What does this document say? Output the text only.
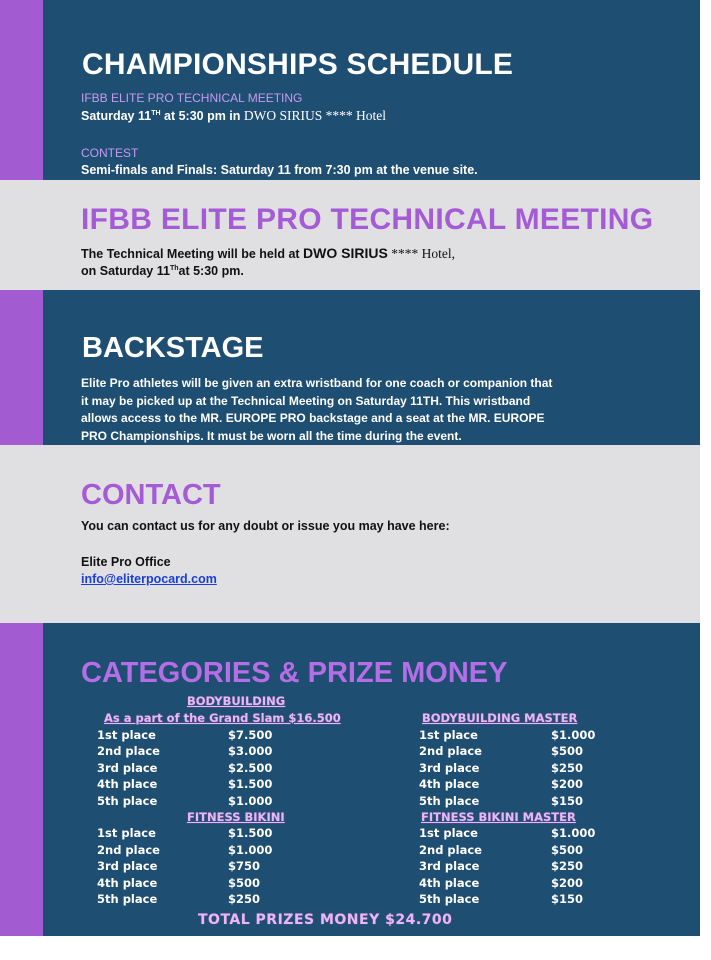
CHAMPIONSHIPS SCHEDULE
IFBB ELITE PRO TECHNICAL MEETING
Saturday 11TH at 5:30 pm in DWO SIRIUS **** Hotel
CONTEST
Semi-finals and Finals: Saturday 11 from 7:30 pm at the venue site.
IFBB ELITE PRO TECHNICAL MEETING
The Technical Meeting will be held at DWO SIRIUS **** Hotel,
on Saturday 11That 5:30 pm.
BACKSTAGE
Elite Pro athletes will be given an extra wristband for one coach or companion that
it may be picked up at the Technical Meeting on Saturday 11TH. This wristband
allows access to the MR. EUROPE PRO backstage and a seat at the MR. EUROPE
PRO Championships. It must be worn all the time during the event.
CONTACT
You can contact us for any doubt or issue you may have here:
Elite Pro Office
info@eliterpocard.com
CATEGORIES & PRIZE MONEY
BODYBUILDING
As a part of the Grand Slam $16.500	BODYBUILDING MASTER
1st place	$7.500
2nd place	$3.000
3rd place	$2.500
4th place	$1.500
5th place	$1.000
1st place	$1.000
2nd place	$500
3rd place	$250
4th place	$200
5th place	$150
FITNESS BIKINI	FITNESS BIKINI MASTER
1st place	$1.500
2nd place	$1.000
3rd place	$750
4th place	$500
5th place	$250
1st place	$1.000
2nd place	$500
3rd place	$250
4th place	$200
5th place	$150
TOTAL PRIZES MONEY $24.700
